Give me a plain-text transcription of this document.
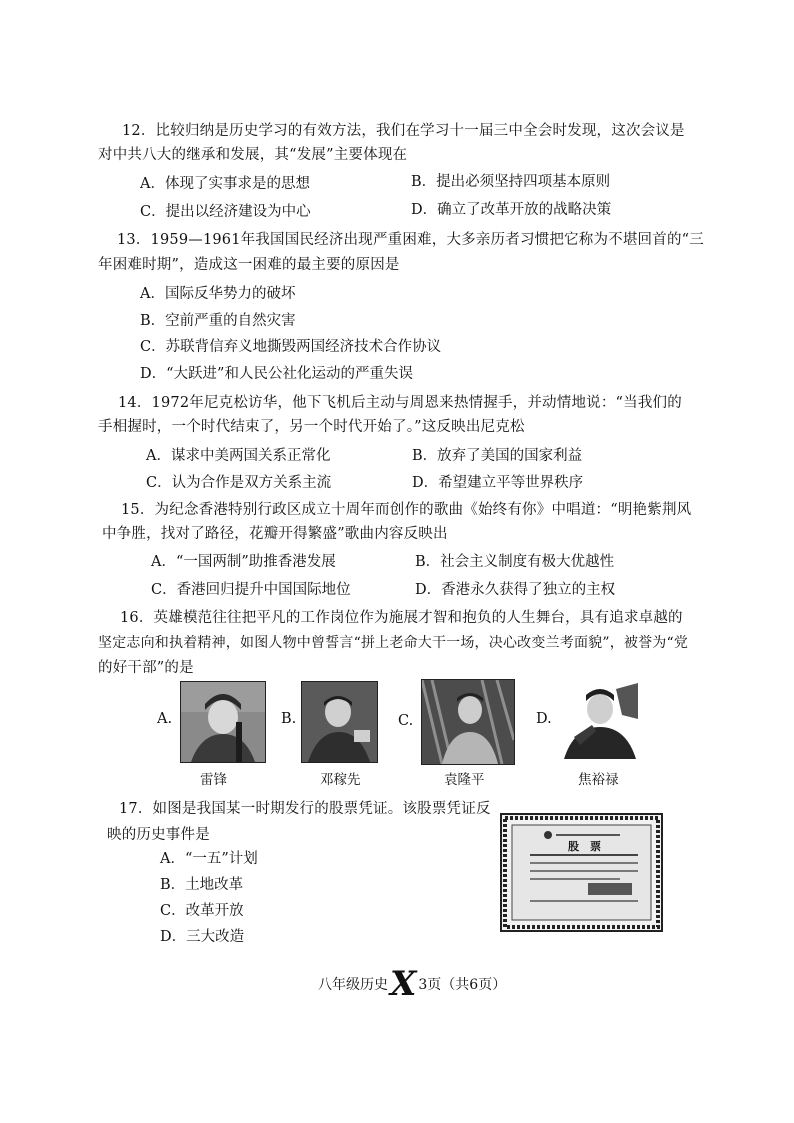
12．比较归纳是历史学习的有效方法，我们在学习十一届三中全会时发现，这次会议是
对中共八大的继承和发展，其“发展”主要体现在
A．体现了实事求是的思想	B．提出必须坚持四项基本原则
C．提出以经济建设为中心	D．确立了改革开放的战略决策
13．1959—1961年我国国民经济出现严重困难，大多亲历者习惯把它称为不堪回首的“三
年困难时期”，造成这一困难的最主要的原因是
A．国际反华势力的破坏
B．空前严重的自然灾害
C．苏联背信弃义地撕毁两国经济技术合作协议
D．“大跃进”和人民公社化运动的严重失误
14．1972年尼克松访华，他下飞机后主动与周恩来热情握手，并动情地说：“当我们的
手相握时，一个时代结束了，另一个时代开始了。”这反映出尼克松
A．谋求中美两国关系正常化	B．放弃了美国的国家利益
C．认为合作是双方关系主流	D．希望建立平等世界秩序
15．为纪念香港特别行政区成立十周年而创作的歌曲《始终有你》中唱道：“明艳紫荆风
中争胜，找对了路径，花瓣开得繁盛”歌曲内容反映出
A．“一国两制”助推香港发展	B．社会主义制度有极大优越性
C．香港回归提升中国国际地位	D．香港永久获得了独立的主权
16．英雄模范往往把平凡的工作岗位作为施展才智和抱负的人生舞台，具有追求卓越的
坚定志向和执着精神，如图人物中曾誓言“拼上老命大干一场，决心改变兰考面貌”，被誉为“党
的好干部”的是
A.
雷锋
B.
邓稼先
C.
袁隆平
D.
焦裕禄
17．如图是我国某一时期发行的股票凭证。该股票凭证反
映的历史事件是
A．“一五”计划
B．土地改革
C．改革开放
D．三大改造
股　票
八年级历史 X 3页（共6页）
